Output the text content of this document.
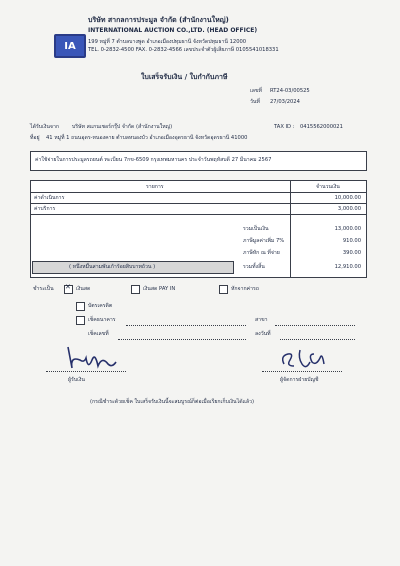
IA
บริษัท สากลการประมูล จำกัด (สำนักงานใหญ่)
INTERNATIONAL AUCTION CO.,LTD. (HEAD OFFICE)
199 หมู่ที่ 7 ตำบลบางพูด อำเภอเมืองปทุมธานี จังหวัดปทุมธานี 12000
TEL. 0-2832-4500 FAX. 0-2832-4566 เลขประจำตัวผู้เสียภาษี 0105541018331
ใบเสร็จรับเงิน / ใบกำกับภาษี
เลขที่ RT24-03/00525
วันที่ 27/03/2024
ได้รับเงินจาก บริษัท สแกนเชอร์กรุ๊ป จำกัด (สำนักงานใหญ่)	TAX ID : 0415562000021
ที่อยู่ 41 หมู่ที่ 1 ถนนอุดร-หนองคาย ตำบลหนองบัว อำเภอเมืองอุดรธานี จังหวัดอุดรธานี 41000
ค่าใช้จ่ายในการประมูลรถยนต์ ทะเบียน 7กข-6509 กรุงเทพมหานคร ประจำวันพฤหัสบดี 27 มีนาคม 2567
รายการ	จำนวนเงิน
ค่าดำเนินการ	10,000.00
ค่าบริการ	3,000.00
รวมเป็นเงิน	13,000.00
ภาษีมูลค่าเพิ่ม 7%	910.00
ภาษีหัก ณ ที่จ่าย	390.00
( หนึ่งหมื่นสามพันเก้าร้อยสิบบาทถ้วน )	รวมทั้งสิ้น	12,910.00
ชำระเป็น ✕ เงินสด	เงินสด PAY IN	หักจากค่ารถ
บัตรเครดิต
เช็คธนาคาร	สาขา
เช็คเลขที่	ลงวันที่
ผู้รับเงิน	ผู้จัดการฝ่ายบัญชี
(กรณีชำระด้วยเช็ค ใบเสร็จรับเงินนี้จะสมบูรณ์ก็ต่อเมื่อเรียกเก็บเงินได้แล้ว)
